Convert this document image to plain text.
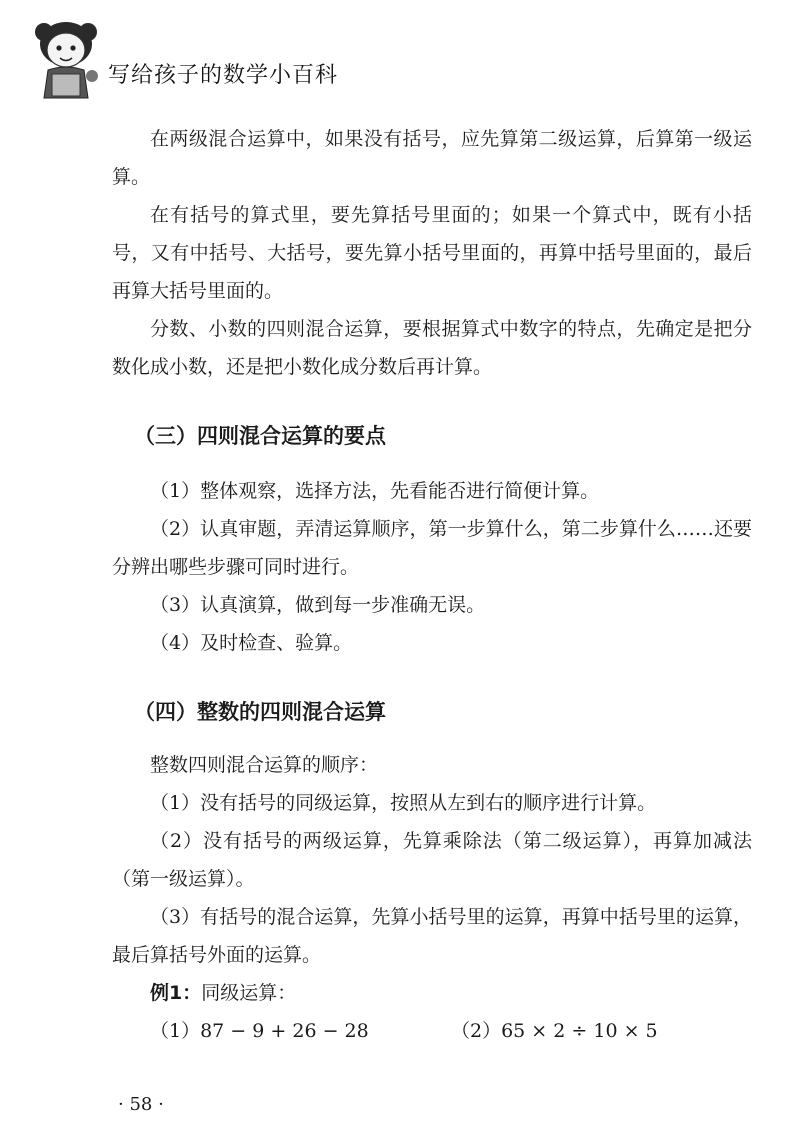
写给孩子的数学小百科

在两级混合运算中，如果没有括号，应先算第二级运算，后算第一级运算。

在有括号的算式里，要先算括号里面的；如果一个算式中，既有小括号，又有中括号、大括号，要先算小括号里面的，再算中括号里面的，最后再算大括号里面的。

分数、小数的四则混合运算，要根据算式中数字的特点，先确定是把分数化成小数，还是把小数化成分数后再计算。

（三）四则混合运算的要点

（1）整体观察，选择方法，先看能否进行简便计算。

（2）认真审题，弄清运算顺序，第一步算什么，第二步算什么……还要分辨出哪些步骤可同时进行。

（3）认真演算，做到每一步准确无误。

（4）及时检查、验算。

（四）整数的四则混合运算

整数四则混合运算的顺序：

（1）没有括号的同级运算，按照从左到右的顺序进行计算。

（2）没有括号的两级运算，先算乘除法（第二级运算），再算加减法（第一级运算）。

（3）有括号的混合运算，先算小括号里的运算，再算中括号里的运算，最后算括号外面的运算。

例1：同级运算：

（1）87 − 9 + 26 − 28	（2）65 × 2 ÷ 10 × 5
· 58 ·
